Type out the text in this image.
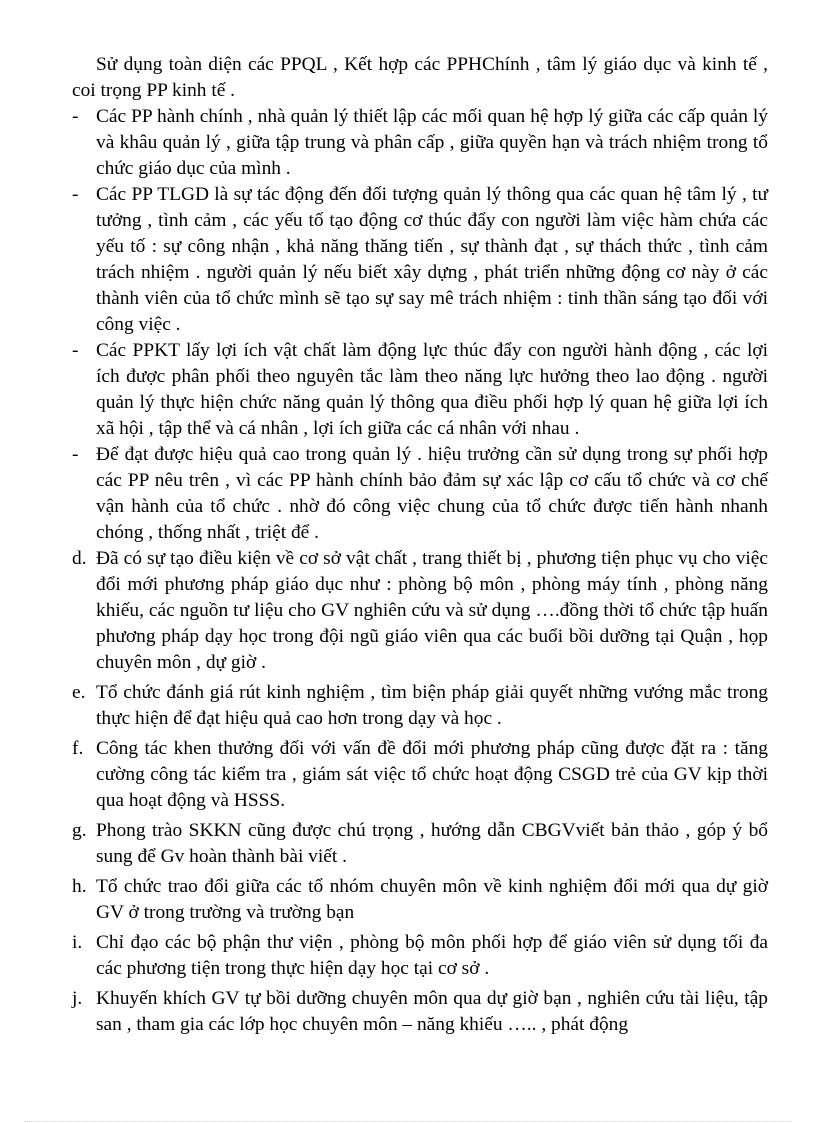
Sử dụng toàn diện các PPQL , Kết hợp các PPHChính , tâm lý giáo dục và kinh tế , coi trọng PP kinh tế .

- Các PP hành chính , nhà quản lý thiết lập các mối quan hệ hợp lý giữa các cấp quản lý và khâu quản lý , giữa tập trung và phân cấp , giữa quyền hạn và trách nhiệm trong tổ chức giáo dục của mình .

- Các PP TLGD là sự tác động đến đối tượng quản lý thông qua các quan hệ tâm lý , tư tưởng , tình cảm , các yếu tố tạo động cơ thúc đẩy con người làm việc hàm chứa các yếu tố : sự công nhận , khả năng thăng tiến , sự thành đạt , sự thách thức , tình cảm trách nhiệm . người quản lý nếu biết xây dựng , phát triển những động cơ này ở các thành viên của tổ chức mình sẽ tạo sự say mê trách nhiệm : tinh thần sáng tạo đối với công việc .

- Các PPKT lấy lợi ích vật chất làm động lực thúc đẩy con người hành động , các lợi ích được phân phối theo nguyên tắc làm theo năng lực hưởng theo lao động . người quản lý thực hiện chức năng quản lý thông qua điều phối hợp lý quan hệ giữa lợi ích xã hội , tập thể và cá nhân , lợi ích giữa các cá nhân với nhau .

- Để đạt được hiệu quả cao trong quản lý . hiệu trưởng cần sử dụng trong sự phối hợp các PP nêu trên , vì các PP hành chính bảo đảm sự xác lập cơ cấu tổ chức và cơ chế vận hành của tổ chức . nhờ đó công việc chung của tổ chức được tiến hành nhanh chóng , thống nhất , triệt để .

d. Đã có sự tạo điều kiện về cơ sở vật chất , trang thiết bị , phương tiện phục vụ cho việc đổi mới phương pháp giáo dục như : phòng bộ môn , phòng máy tính , phòng năng khiếu, các nguồn tư liệu cho GV nghiên cứu và sử dụng ….đồng thời tổ chức tập huấn phương pháp dạy học trong đội ngũ giáo viên qua các buổi bồi dưỡng tại Quận , họp chuyên môn , dự giờ .

e. Tổ chức đánh giá rút kinh nghiệm , tìm biện pháp giải quyết những vướng mắc trong thực hiện để đạt hiệu quả cao hơn trong dạy và học .

f. Công tác khen thưởng đối với vấn đề đổi mới phương pháp cũng được đặt ra : tăng cường công tác kiểm tra , giám sát việc tổ chức hoạt động CSGD trẻ của GV kịp thời qua hoạt động và HSSS.

g. Phong trào SKKN cũng được chú trọng , hướng dẫn CBGVviết bản thảo , góp ý bổ sung để Gv hoàn thành bài viết .

h. Tổ chức trao đổi giữa các tổ nhóm chuyên môn về kinh nghiệm đổi mới qua dự giờ GV ở trong trường và trường bạn

i. Chỉ đạo các bộ phận thư viện , phòng bộ môn phối hợp để giáo viên sử dụng tối đa các phương tiện trong thực hiện dạy học tại cơ sở .

j. Khuyến khích GV tự bồi dưỡng chuyên môn qua dự giờ bạn , nghiên cứu tài liệu, tập san , tham gia các lớp học chuyên môn – năng khiếu ….. , phát động
